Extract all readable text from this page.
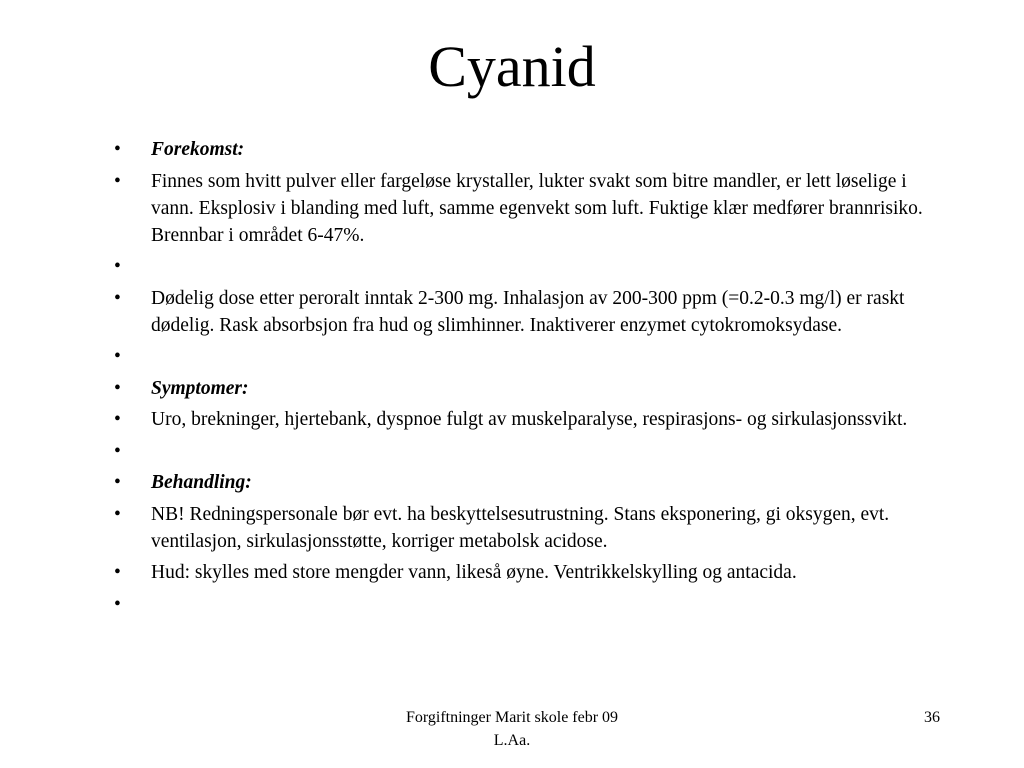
Cyanid
• Forekomst:
• Finnes som hvitt pulver eller fargeløse krystaller, lukter svakt som bitre mandler, er lett løselige i vann. Eksplosiv i blanding med luft, samme egenvekt som luft. Fuktige klær medfører brannrisiko. Brennbar i området 6-47%.
•
• Dødelig dose etter peroralt inntak 2-300 mg. Inhalasjon av 200-300 ppm (=0.2-0.3 mg/l) er raskt dødelig. Rask absorbsjon fra hud og slimhinner. Inaktiverer enzymet cytokromoksydase.
•
• Symptomer:
• Uro, brekninger, hjertebank, dyspnoe fulgt av muskelparalyse, respirasjons- og sirkulasjonssvikt.
•
• Behandling:
• NB! Redningspersonale bør evt. ha beskyttelsesutrustning. Stans eksponering, gi oksygen, evt. ventilasjon, sirkulasjonsstøtte, korriger metabolsk acidose.
• Hud: skylles med store mengder vann, likeså øyne. Ventrikkelskylling og antacida.
•
Forgiftninger Marit skole febr 09
L.Aa.
36
